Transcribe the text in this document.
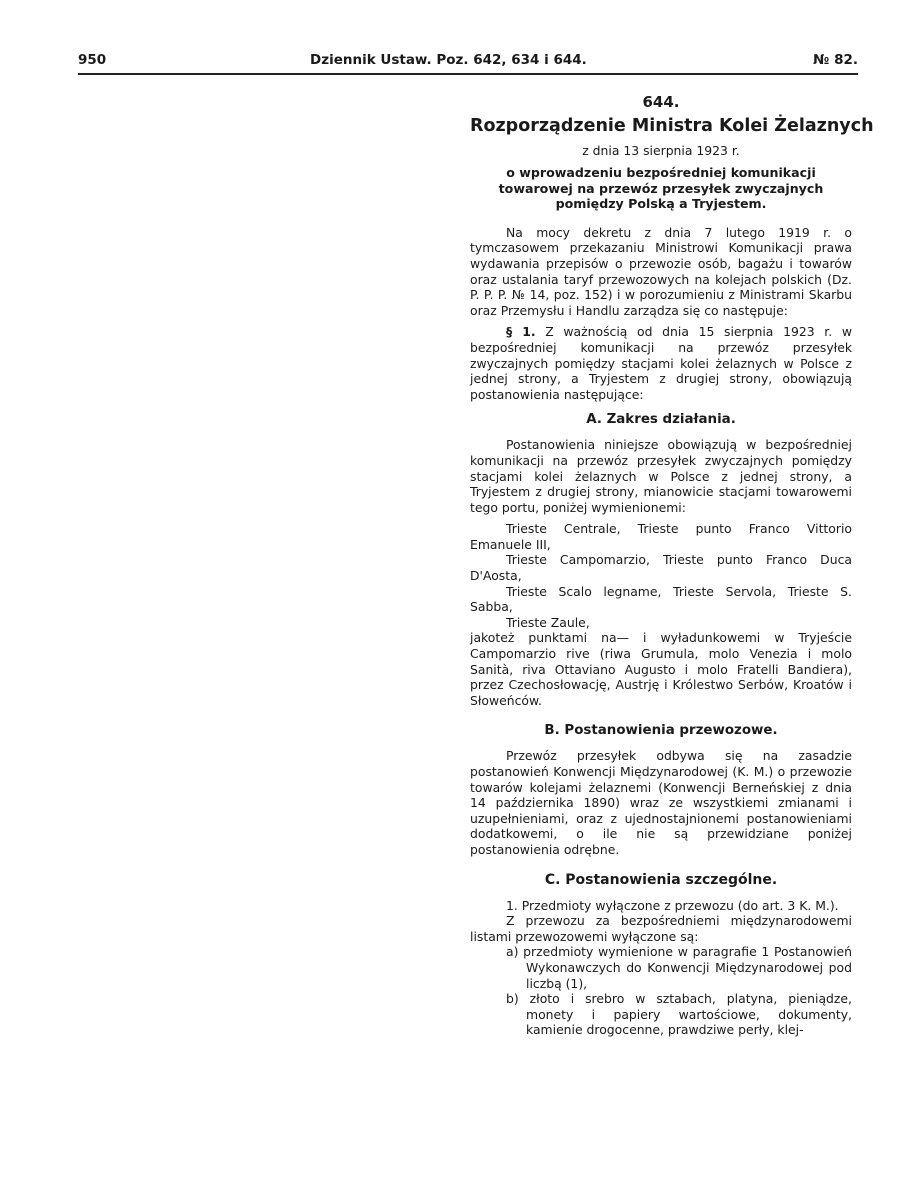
950	Dziennik Ustaw. Poz. 642, 634 i 644.	№ 82.
644.
Rozporządzenie Ministra Kolei Żelaznych
z dnia 13 sierpnia 1923 r.
o wprowadzeniu bezpośredniej komunikacji towarowej na przewóz przesyłek zwyczajnych pomiędzy Polską a Tryjestem.

Na mocy dekretu z dnia 7 lutego 1919 r. o tymczasowem przekazaniu Ministrowi Komunikacji prawa wydawania przepisów o przewozie osób, bagażu i towarów oraz ustalania taryf przewozowych na kolejach polskich (Dz. P. P. P. № 14, poz. 152) i w porozumieniu z Ministrami Skarbu oraz Przemysłu i Handlu zarządza się co następuje:

§ 1. Z ważnością od dnia 15 sierpnia 1923 r. w bezpośredniej komunikacji na przewóz przesyłek zwyczajnych pomiędzy stacjami kolei żelaznych w Polsce z jednej strony, a Tryjestem z drugiej strony, obowiązują postanowienia następujące:

A. Zakres działania.

Postanowienia niniejsze obowiązują w bezpośredniej komunikacji na przewóz przesyłek zwyczajnych pomiędzy stacjami kolei żelaznych w Polsce z jednej strony, a Tryjestem z drugiej strony, mianowicie stacjami towarowemi tego portu, poniżej wymienionemi:

Trieste Centrale, Trieste punto Franco Vittorio Emanuele III,

Trieste Campomarzio, Trieste punto Franco Duca D'Aosta,

Trieste Scalo legname, Trieste Servola, Trieste S. Sabba,

Trieste Zaule,

jakoteż punktami na— i wyładunkowemi w Tryjeście Campomarzio rive (riwa Grumula, molo Venezia i molo Sanità, riva Ottaviano Augusto i molo Fratelli Bandiera), przez Czechosłowację, Austrję i Królestwo Serbów, Kroatów i Słoweńców.

B. Postanowienia przewozowe.

Przewóz przesyłek odbywa się na zasadzie postanowień Konwencji Międzynarodowej (K. M.) o przewozie towarów kolejami żelaznemi (Konwencji Berneńskiej z dnia 14 października 1890) wraz ze wszystkiemi zmianami i uzupełnieniami, oraz z ujednostajnionemi postanowieniami dodatkowemi, o ile nie są przewidziane poniżej postanowienia odrębne.

C. Postanowienia szczególne.

1. Przedmioty wyłączone z przewozu (do art. 3 K. M.).

Z przewozu za bezpośredniemi międzynarodowemi listami przewozowemi wyłączone są:

a) przedmioty wymienione w paragrafie 1 Postanowień Wykonawczych do Konwencji Międzynarodowej pod liczbą (1),

b) złoto i srebro w sztabach, platyna, pieniądze, monety i papiery wartościowe, dokumenty, kamienie drogocenne, prawdziwe perły, klej-
